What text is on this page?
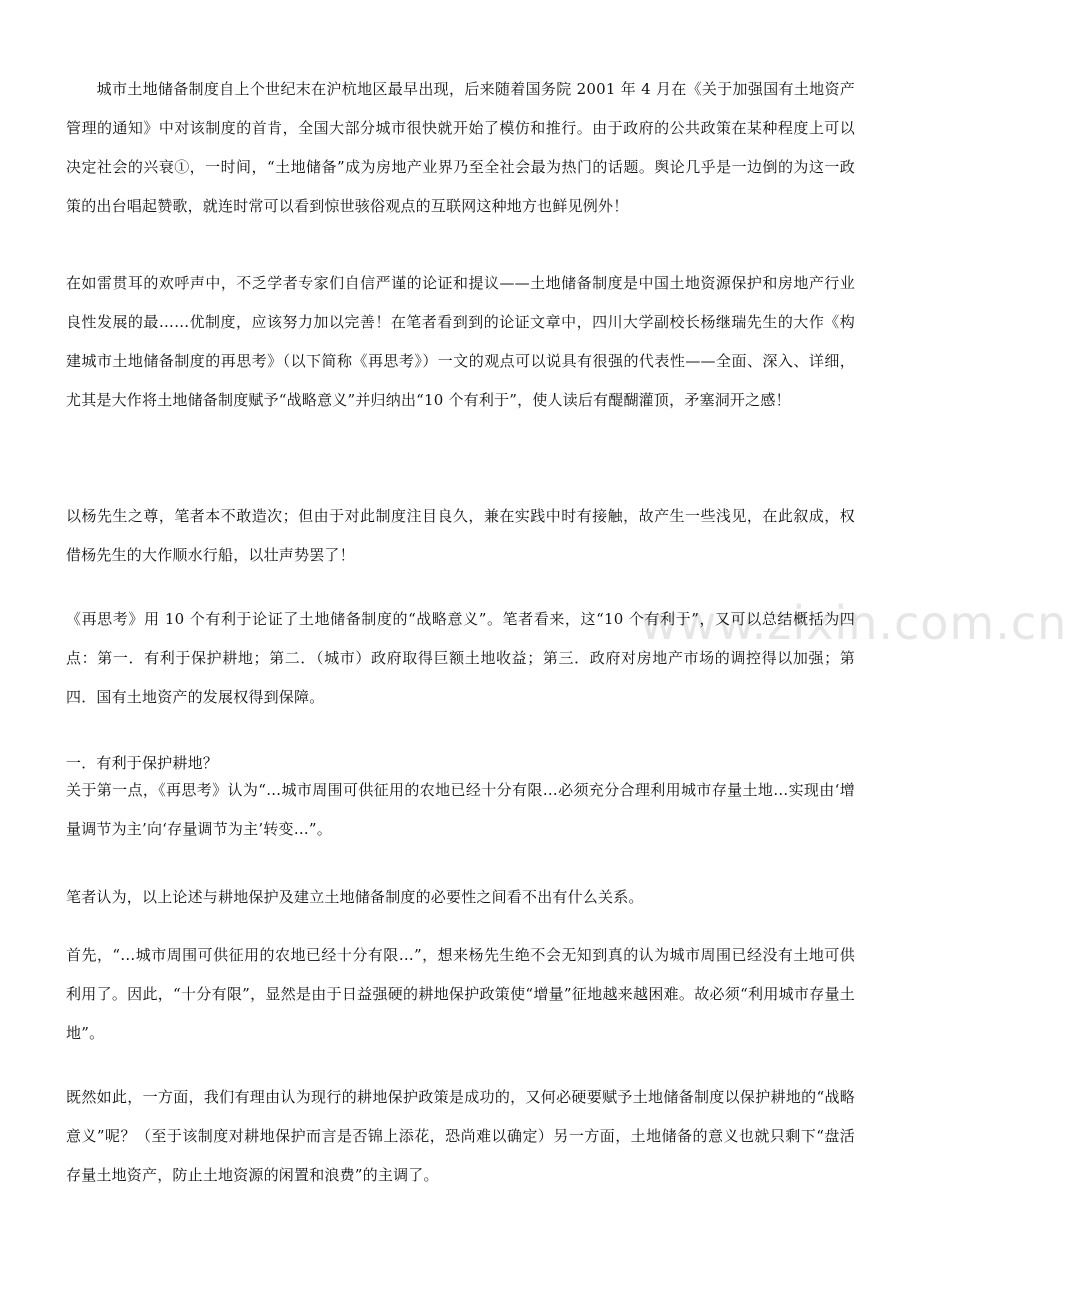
www.zixin.com.cn

　　城市土地储备制度自上个世纪末在沪杭地区最早出现，后来随着国务院 2001 年 4 月在《关于加强国有土地资产管理的通知》中对该制度的首肯，全国大部分城市很快就开始了模仿和推行。由于政府的公共政策在某种程度上可以决定社会的兴衰①，一时间，“土地储备”成为房地产业界乃至全社会最为热门的话题。舆论几乎是一边倒的为这一政策的出台唱起赞歌，就连时常可以看到惊世骇俗观点的互联网这种地方也鲜见例外！

在如雷贯耳的欢呼声中，不乏学者专家们自信严谨的论证和提议——土地储备制度是中国土地资源保护和房地产行业良性发展的最……优制度，应该努力加以完善！在笔者看到到的论证文章中，四川大学副校长杨继瑞先生的大作《构建城市土地储备制度的再思考》（以下简称《再思考》）一文的观点可以说具有很强的代表性——全面、深入、详细，尤其是大作将土地储备制度赋予“战略意义”并归纳出“10 个有利于”，使人读后有醍醐灌顶，矛塞洞开之感！

以杨先生之尊，笔者本不敢造次；但由于对此制度注目良久，兼在实践中时有接触，故产生一些浅见，在此叙成，权借杨先生的大作顺水行船，以壮声势罢了！

《再思考》用 10 个有利于论证了土地储备制度的“战略意义”。笔者看来，这“10 个有利于”，又可以总结概括为四点：第一．有利于保护耕地；第二．（城市）政府取得巨额土地收益；第三．政府对房地产市场的调控得以加强；第四．国有土地资产的发展权得到保障。

一．有利于保护耕地？

关于第一点，《再思考》认为“…城市周围可供征用的农地已经十分有限…必须充分合理利用城市存量土地…实现由‘增量调节为主’向‘存量调节为主’转变…”。

笔者认为，以上论述与耕地保护及建立土地储备制度的必要性之间看不出有什么关系。

首先，“…城市周围可供征用的农地已经十分有限…”，想来杨先生绝不会无知到真的认为城市周围已经没有土地可供利用了。因此，“十分有限”，显然是由于日益强硬的耕地保护政策使“增量”征地越来越困难。故必须“利用城市存量土地”。

既然如此，一方面，我们有理由认为现行的耕地保护政策是成功的，又何必硬要赋予土地储备制度以保护耕地的“战略意义”呢？（至于该制度对耕地保护而言是否锦上添花，恐尚难以确定）另一方面，土地储备的意义也就只剩下“盘活存量土地资产，防止土地资源的闲置和浪费”的主调了。
